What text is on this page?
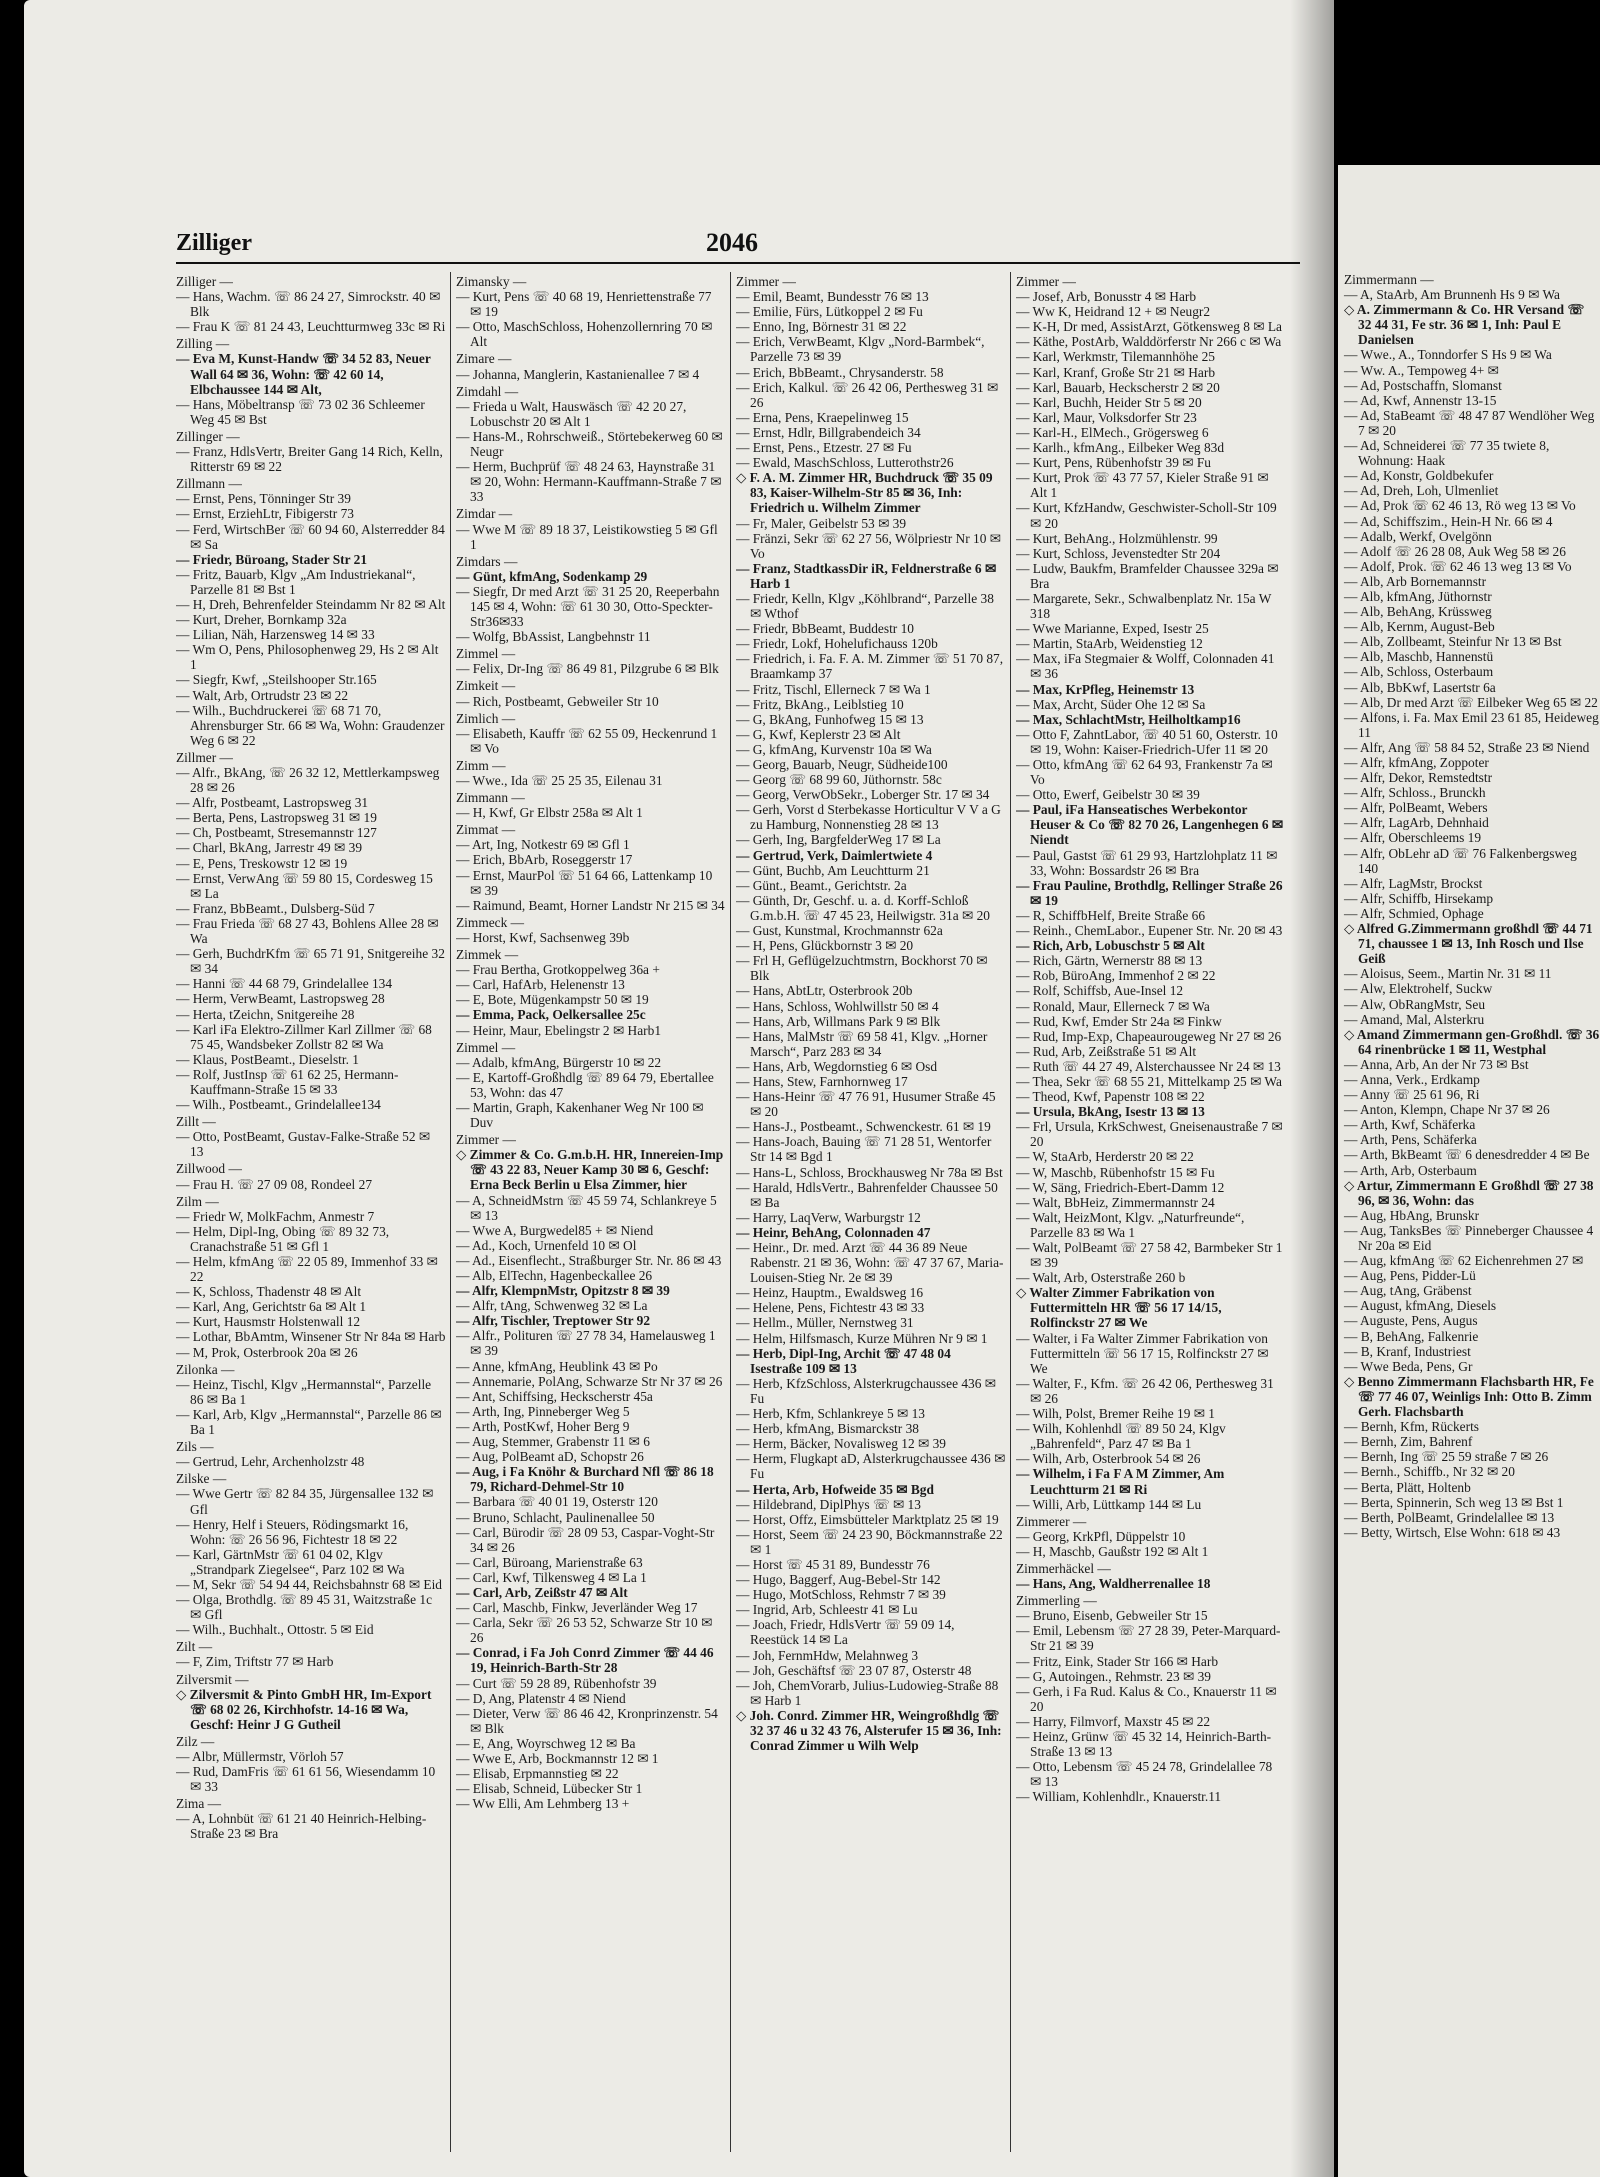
Zilliger	2046

Zilliger —

— Hans, Wachm. ☏ 86 24 27, Simrockstr. 40 ✉ Blk

— Frau K ☏ 81 24 43, Leuchtturmweg 33c ✉ Ri

Zilling —

— Eva M, Kunst-Handw ☏ 34 52 83, Neuer Wall 64 ✉ 36, Wohn: ☏ 42 60 14, Elbchaussee 144 ✉ Alt,

— Hans, Möbeltransp ☏ 73 02 36 Schleemer Weg 45 ✉ Bst

Zillinger —

— Franz, HdlsVertr, Breiter Gang 14 Rich, Kelln, Ritterstr 69 ✉ 22

Zillmann —

— Ernst, Pens, Tönninger Str 39

— Ernst, ErziehLtr, Fibigerstr 73

— Ferd, WirtschBer ☏ 60 94 60, Alsterredder 84 ✉ Sa

— Friedr, Büroang, Stader Str 21

— Fritz, Bauarb, Klgv „Am Industriekanal“, Parzelle 81 ✉ Bst 1

— H, Dreh, Behrenfelder Steindamm Nr 82 ✉ Alt

— Kurt, Dreher, Bornkamp 32a

— Lilian, Näh, Harzensweg 14 ✉ 33

— Wm O, Pens, Philosophenweg 29, Hs 2 ✉ Alt 1

— Siegfr, Kwf, „Steilshooper Str.165

— Walt, Arb, Ortrudstr 23 ✉ 22

— Wilh., Buchdruckerei ☏ 68 71 70, Ahrensburger Str. 66 ✉ Wa, Wohn: Graudenzer Weg 6 ✉ 22

Zillmer —

— Alfr., BkAng, ☏ 26 32 12, Mettlerkampsweg 28 ✉ 26

— Alfr, Postbeamt, Lastropsweg 31

— Berta, Pens, Lastropsweg 31 ✉ 19

— Ch, Postbeamt, Stresemannstr 127

— Charl, BkAng, Jarrestr 49 ✉ 39

— E, Pens, Treskowstr 12 ✉ 19

— Ernst, VerwAng ☏ 59 80 15, Cordesweg 15 ✉ La

— Franz, BbBeamt., Dulsberg-Süd 7

— Frau Frieda ☏ 68 27 43, Bohlens Allee 28 ✉ Wa

— Gerh, BuchdrKfm ☏ 65 71 91, Snitgereihe 32 ✉ 34

— Hanni ☏ 44 68 79, Grindelallee 134

— Herm, VerwBeamt, Lastropsweg 28

— Herta, tZeichn, Snitgereihe 28

— Karl iFa Elektro-Zillmer Karl Zillmer ☏ 68 75 45, Wandsbeker Zollstr 82 ✉ Wa

— Klaus, PostBeamt., Dieselstr. 1

— Rolf, JustInsp ☏ 61 62 25, Hermann-Kauffmann-Straße 15 ✉ 33

— Wilh., Postbeamt., Grindelallee134

Zillt —

— Otto, PostBeamt, Gustav-Falke-Straße 52 ✉ 13

Zillwood —

— Frau H. ☏ 27 09 08, Rondeel 27

Zilm —

— Friedr W, MolkFachm, Anmestr 7

— Helm, Dipl-Ing, Obing ☏ 89 32 73, Cranachstraße 51 ✉ Gfl 1

— Helm, kfmAng ☏ 22 05 89, Immenhof 33 ✉ 22

— K, Schloss, Thadenstr 48 ✉ Alt

— Karl, Ang, Gerichtstr 6a ✉ Alt 1

— Kurt, Hausmstr Holstenwall 12

— Lothar, BbAmtm, Winsener Str Nr 84a ✉ Harb

— M, Prok, Osterbrook 20a ✉ 26

Zilonka —

— Heinz, Tischl, Klgv „Hermannstal“, Parzelle 86 ✉ Ba 1

— Karl, Arb, Klgv „Hermannstal“, Parzelle 86 ✉ Ba 1

Zils —

— Gertrud, Lehr, Archenholzstr 48

Zilske —

— Wwe Gertr ☏ 82 84 35, Jürgensallee 132 ✉ Gfl

— Henry, Helf i Steuers, Rödingsmarkt 16, Wohn: ☏ 26 56 96, Fichtestr 18 ✉ 22

— Karl, GärtnMstr ☏ 61 04 02, Klgv „Strandpark Ziegelsee“, Parz 102 ✉ Wa

— M, Sekr ☏ 54 94 44, Reichsbahnstr 68 ✉ Eid

— Olga, Brothdlg. ☏ 89 45 31, Waitzstraße 1c ✉ Gfl

— Wilh., Buchhalt., Ottostr. 5 ✉ Eid

Zilt —

— F, Zim, Triftstr 77 ✉ Harb

Zilversmit —

◇ Zilversmit & Pinto GmbH HR, Im-Export ☏ 68 02 26, Kirchhofstr. 14-16 ✉ Wa, Geschf: Heinr J G Gutheil

Zilz —

— Albr, Müllermstr, Vörloh 57

— Rud, DamFris ☏ 61 61 56, Wiesendamm 10 ✉ 33

Zima —

— A, Lohnbüt ☏ 61 21 40 Heinrich-Helbing-Straße 23 ✉ Bra

Zimansky —

— Kurt, Pens ☏ 40 68 19, Henriettenstraße 77 ✉ 19

— Otto, MaschSchloss, Hohenzollernring 70 ✉ Alt

Zimare —

— Johanna, Manglerin, Kastanienallee 7 ✉ 4

Zimdahl —

— Frieda u Walt, Hauswäsch ☏ 42 20 27, Lobuschstr 20 ✉ Alt 1

— Hans-M., Rohrschweiß., Störtebekerweg 60 ✉ Neugr

— Herm, Buchprüf ☏ 48 24 63, Haynstraße 31 ✉ 20, Wohn: Hermann-Kauffmann-Straße 7 ✉ 33

Zimdar —

— Wwe M ☏ 89 18 37, Leistikowstieg 5 ✉ Gfl 1

Zimdars —

— Günt, kfmAng, Sodenkamp 29

— Siegfr, Dr med Arzt ☏ 31 25 20, Reeperbahn 145 ✉ 4, Wohn: ☏ 61 30 30, Otto-Speckter-Str36✉33

— Wolfg, BbAssist, Langbehnstr 11

Zimmel —

— Felix, Dr-Ing ☏ 86 49 81, Pilzgrube 6 ✉ Blk

Zimkeit —

— Rich, Postbeamt, Gebweiler Str 10

Zimlich —

— Elisabeth, Kauffr ☏ 62 55 09, Heckenrund 1 ✉ Vo

Zimm —

— Wwe., Ida ☏ 25 25 35, Eilenau 31

Zimmann —

— H, Kwf, Gr Elbstr 258a ✉ Alt 1

Zimmat —

— Art, Ing, Notkestr 69 ✉ Gfl 1

— Erich, BbArb, Roseggerstr 17

— Ernst, MaurPol ☏ 51 64 66, Lattenkamp 10 ✉ 39

— Raimund, Beamt, Horner Landstr Nr 215 ✉ 34

Zimmeck —

— Horst, Kwf, Sachsenweg 39b

Zimmek —

— Frau Bertha, Grotkoppelweg 36a +

— Carl, HafArb, Helenenstr 13

— E, Bote, Mügenkampstr 50 ✉ 19

— Emma, Pack, Oelkersallee 25c

— Heinr, Maur, Ebelingstr 2 ✉ Harb1

Zimmel —

— Adalb, kfmAng, Bürgerstr 10 ✉ 22

— E, Kartoff-Großhdlg ☏ 89 64 79, Ebertallee 53, Wohn: das 47

— Martin, Graph, Kakenhaner Weg Nr 100 ✉ Duv

Zimmer —

◇ Zimmer & Co. G.m.b.H. HR, Innereien-Imp ☏ 43 22 83, Neuer Kamp 30 ✉ 6, Geschf: Erna Beck Berlin u Elsa Zimmer, hier

— A, SchneidMstrn ☏ 45 59 74, Schlankreye 5 ✉ 13

— Wwe A, Burgwedel85 + ✉ Niend

— Ad., Koch, Urnenfeld 10 ✉ Ol

— Ad., Eisenflecht., Straßburger Str. Nr. 86 ✉ 43

— Alb, ElTechn, Hagenbeckallee 26

— Alfr, KlempnMstr, Opitzstr 8 ✉ 39

— Alfr, tAng, Schwenweg 32 ✉ La

— Alfr, Tischler, Treptower Str 92

— Alfr., Polituren ☏ 27 78 34, Hamelausweg 1 ✉ 39

— Anne, kfmAng, Heublink 43 ✉ Po

— Annemarie, PolAng, Schwarze Str Nr 37 ✉ 26

— Ant, Schiffsing, Heckscherstr 45a

— Arth, Ing, Pinneberger Weg 5

— Arth, PostKwf, Hoher Berg 9

— Aug, Stemmer, Grabenstr 11 ✉ 6

— Aug, PolBeamt aD, Schopstr 26

— Aug, i Fa Knöhr & Burchard Nfl ☏ 86 18 79, Richard-Dehmel-Str 10

— Barbara ☏ 40 01 19, Osterstr 120

— Bruno, Schlacht, Paulinenallee 50

— Carl, Bürodir ☏ 28 09 53, Caspar-Voght-Str 34 ✉ 26

— Carl, Büroang, Marienstraße 63

— Carl, Kwf, Tilkensweg 4 ✉ La 1

— Carl, Arb, Zeißstr 47 ✉ Alt

— Carl, Maschb, Finkw, Jeverländer Weg 17

— Carla, Sekr ☏ 26 53 52, Schwarze Str 10 ✉ 26

— Conrad, i Fa Joh Conrd Zimmer ☏ 44 46 19, Heinrich-Barth-Str 28

— Curt ☏ 59 28 89, Rübenhofstr 39

— D, Ang, Platenstr 4 ✉ Niend

— Dieter, Verw ☏ 86 46 42, Kronprinzenstr. 54 ✉ Blk

— E, Ang, Woyrschweg 12 ✉ Ba

— Wwe E, Arb, Bockmannstr 12 ✉ 1

— Elisab, Erpmannstieg ✉ 22

— Elisab, Schneid, Lübecker Str 1

— Ww Elli, Am Lehmberg 13 +

Zimmer —

— Emil, Beamt, Bundesstr 76 ✉ 13

— Emilie, Fürs, Lütkoppel 2 ✉ Fu

— Enno, Ing, Börnestr 31 ✉ 22

— Erich, VerwBeamt, Klgv „Nord-Barmbek“, Parzelle 73 ✉ 39

— Erich, BbBeamt., Chrysanderstr. 58

— Erich, Kalkul. ☏ 26 42 06, Perthesweg 31 ✉ 26

— Erna, Pens, Kraepelinweg 15

— Ernst, Hdlr, Billgrabendeich 34

— Ernst, Pens., Etzestr. 27 ✉ Fu

— Ewald, MaschSchloss, Lutterothstr26

◇ F. A. M. Zimmer HR, Buchdruck ☏ 35 09 83, Kaiser-Wilhelm-Str 85 ✉ 36, Inh: Friedrich u. Wilhelm Zimmer

— Fr, Maler, Geibelstr 53 ✉ 39

— Fränzi, Sekr ☏ 62 27 56, Wölpriestr Nr 10 ✉ Vo

— Franz, StadtkassDir iR, Feldnerstraße 6 ✉ Harb 1

— Friedr, Kelln, Klgv „Köhlbrand“, Parzelle 38 ✉ Wthof

— Friedr, BbBeamt, Buddestr 10

— Friedr, Lokf, Hohelufichauss 120b

— Friedrich, i. Fa. F. A. M. Zimmer ☏ 51 70 87, Braamkamp 37

— Fritz, Tischl, Ellerneck 7 ✉ Wa 1

— Fritz, BkAng., Leiblstieg 10

— G, BkAng, Funhofweg 15 ✉ 13

— G, Kwf, Keplerstr 23 ✉ Alt

— G, kfmAng, Kurvenstr 10a ✉ Wa

— Georg, Bauarb, Neugr, Südheide100

— Georg ☏ 68 99 60, Jüthornstr. 58c

— Georg, VerwObSekr., Loberger Str. 17 ✉ 34

— Gerh, Vorst d Sterbekasse Horticultur V V a G zu Hamburg, Nonnenstieg 28 ✉ 13

— Gerh, Ing, BargfelderWeg 17 ✉ La

— Gertrud, Verk, Daimlertwiete 4

— Günt, Buchb, Am Leuchtturm 21

— Günt., Beamt., Gerichtstr. 2a

— Günth, Dr, Geschf. u. a. d. Korff-Schloß G.m.b.H. ☏ 47 45 23, Heilwigstr. 31a ✉ 20

— Gust, Kunstmal, Krochmannstr 62a

— H, Pens, Glückbornstr 3 ✉ 20

— Frl H, Geflügelzuchtmstrn, Bockhorst 70 ✉ Blk

— Hans, AbtLtr, Osterbrook 20b

— Hans, Schloss, Wohlwillstr 50 ✉ 4

— Hans, Arb, Willmans Park 9 ✉ Blk

— Hans, MalMstr ☏ 69 58 41, Klgv. „Horner Marsch“, Parz 283 ✉ 34

— Hans, Arb, Wegdornstieg 6 ✉ Osd

— Hans, Stew, Farnhornweg 17

— Hans-Heinr ☏ 47 76 91, Husumer Straße 45 ✉ 20

— Hans-J., Postbeamt., Schwenckestr. 61 ✉ 19

— Hans-Joach, Bauing ☏ 71 28 51, Wentorfer Str 14 ✉ Bgd 1

— Hans-L, Schloss, Brockhausweg Nr 78a ✉ Bst

— Harald, HdlsVertr., Bahrenfelder Chaussee 50 ✉ Ba

— Harry, LaqVerw, Warburgstr 12

— Heinr, BehAng, Colonnaden 47

— Heinr., Dr. med. Arzt ☏ 44 36 89 Neue Rabenstr. 21 ✉ 36, Wohn: ☏ 47 37 67, Maria-Louisen-Stieg Nr. 2e ✉ 39

— Heinz, Hauptm., Ewaldsweg 16

— Helene, Pens, Fichtestr 43 ✉ 33

— Hellm., Müller, Nernstweg 31

— Helm, Hilfsmasch, Kurze Mühren Nr 9 ✉ 1

— Herb, Dipl-Ing, Archit ☏ 47 48 04 Isestraße 109 ✉ 13

— Herb, KfzSchloss, Alsterkrugchaussee 436 ✉ Fu

— Herb, Kfm, Schlankreye 5 ✉ 13

— Herb, kfmAng, Bismarckstr 38

— Herm, Bäcker, Novalisweg 12 ✉ 39

— Herm, Flugkapt aD, Alsterkrugchaussee 436 ✉ Fu

— Herta, Arb, Hofweide 35 ✉ Bgd

— Hildebrand, DiplPhys ☏ ✉ 13

— Horst, Offz, Eimsbütteler Marktplatz 25 ✉ 19

— Horst, Seem ☏ 24 23 90, Böckmannstraße 22 ✉ 1

— Horst ☏ 45 31 89, Bundesstr 76

— Hugo, Baggerf, Aug-Bebel-Str 142

— Hugo, MotSchloss, Rehmstr 7 ✉ 39

— Ingrid, Arb, Schleestr 41 ✉ Lu

— Joach, Friedr, HdlsVertr ☏ 59 09 14, Reestück 14 ✉ La

— Joh, FernmHdw, Melahnweg 3

— Joh, Geschäftsf ☏ 23 07 87, Osterstr 48

— Joh, ChemVorarb, Julius-Ludowieg-Straße 88 ✉ Harb 1

◇ Joh. Conrd. Zimmer HR, Weingroßhdlg ☏ 32 37 46 u 32 43 76, Alsterufer 15 ✉ 36, Inh: Conrad Zimmer u Wilh Welp

Zimmer —

— Josef, Arb, Bonusstr 4 ✉ Harb

— Ww K, Heidrand 12 + ✉ Neugr2

— K-H, Dr med, AssistArzt, Götkensweg 8 ✉ La

— Käthe, PostArb, Walddörferstr Nr 266 c ✉ Wa

— Karl, Werkmstr, Tilemannhöhe 25

— Karl, Kranf, Große Str 21 ✉ Harb

— Karl, Bauarb, Heckscherstr 2 ✉ 20

— Karl, Buchh, Heider Str 5 ✉ 20

— Karl, Maur, Volksdorfer Str 23

— Karl-H., ElMech., Grögersweg 6

— Karlh., kfmAng., Eilbeker Weg 83d

— Kurt, Pens, Rübenhofstr 39 ✉ Fu

— Kurt, Prok ☏ 43 77 57, Kieler Straße 91 ✉ Alt 1

— Kurt, KfzHandw, Geschwister-Scholl-Str 109 ✉ 20

— Kurt, BehAng., Holzmühlenstr. 99

— Kurt, Schloss, Jevenstedter Str 204

— Ludw, Baukfm, Bramfelder Chaussee 329a ✉ Bra

— Margarete, Sekr., Schwalbenplatz Nr. 15a W 318

— Wwe Marianne, Exped, Isestr 25

— Martin, StaArb, Weidenstieg 12

— Max, iFa Stegmaier & Wolff, Colonnaden 41 ✉ 36

— Max, KrPfleg, Heinemstr 13

— Max, Archt, Süder Ohe 12 ✉ Sa

— Max, SchlachtMstr, Heilholtkamp16

— Otto F, ZahntLabor, ☏ 40 51 60, Osterstr. 10 ✉ 19, Wohn: Kaiser-Friedrich-Ufer 11 ✉ 20

— Otto, kfmAng ☏ 62 64 93, Frankenstr 7a ✉ Vo

— Otto, Ewerf, Geibelstr 30 ✉ 39

— Paul, iFa Hanseatisches Werbekontor Heuser & Co ☏ 82 70 26, Langenhegen 6 ✉ Niendt

— Paul, Gastst ☏ 61 29 93, Hartzlohplatz 11 ✉ 33, Wohn: Bossardstr 26 ✉ Bra

— Frau Pauline, Brothdlg, Rellinger Straße 26 ✉ 19

— R, SchiffbHelf, Breite Straße 66

— Reinh., ChemLabor., Eupener Str. Nr. 20 ✉ 43

— Rich, Arb, Lobuschstr 5 ✉ Alt

— Rich, Gärtn, Wernerstr 88 ✉ 13

— Rob, BüroAng, Immenhof 2 ✉ 22

— Rolf, Schiffsb, Aue-Insel 12

— Ronald, Maur, Ellerneck 7 ✉ Wa

— Rud, Kwf, Emder Str 24a ✉ Finkw

— Rud, Imp-Exp, Chapeaurougeweg Nr 27 ✉ 26

— Rud, Arb, Zeißstraße 51 ✉ Alt

— Ruth ☏ 44 27 49, Alsterchaussee Nr 24 ✉ 13

— Thea, Sekr ☏ 68 55 21, Mittelkamp 25 ✉ Wa

— Theod, Kwf, Papenstr 108 ✉ 22

— Ursula, BkAng, Isestr 13 ✉ 13

— Frl, Ursula, KrkSchwest, Gneisenaustraße 7 ✉ 20

— W, StaArb, Herderstr 20 ✉ 22

— W, Maschb, Rübenhofstr 15 ✉ Fu

— W, Säng, Friedrich-Ebert-Damm 12

— Walt, BbHeiz, Zimmermannstr 24

— Walt, HeizMont, Klgv. „Naturfreunde“, Parzelle 83 ✉ Wa 1

— Walt, PolBeamt ☏ 27 58 42, Barmbeker Str 1 ✉ 39

— Walt, Arb, Osterstraße 260 b

◇ Walter Zimmer Fabrikation von Futtermitteln HR ☏ 56 17 14/15, Rolfinckstr 27 ✉ We

— Walter, i Fa Walter Zimmer Fabrikation von Futtermitteln ☏ 56 17 15, Rolfinckstr 27 ✉ We

— Walter, F., Kfm. ☏ 26 42 06, Perthesweg 31 ✉ 26

— Wilh, Polst, Bremer Reihe 19 ✉ 1

— Wilh, Kohlenhdl ☏ 89 50 24, Klgv „Bahrenfeld“, Parz 47 ✉ Ba 1

— Wilh, Arb, Osterbrook 54 ✉ 26

— Wilhelm, i Fa F A M Zimmer, Am Leuchtturm 21 ✉ Ri

— Willi, Arb, Lüttkamp 144 ✉ Lu

Zimmerer —

— Georg, KrkPfl, Düppelstr 10

— H, Maschb, Gaußstr 192 ✉ Alt 1

Zimmerhäckel —

— Hans, Ang, Waldherrenallee 18

Zimmerling —

— Bruno, Eisenb, Gebweiler Str 15

— Emil, Lebensm ☏ 27 28 39, Peter-Marquard-Str 21 ✉ 39

— Fritz, Eink, Stader Str 166 ✉ Harb

— G, Autoingen., Rehmstr. 23 ✉ 39

— Gerh, i Fa Rud. Kalus & Co., Knauerstr 11 ✉ 20

— Harry, Filmvorf, Maxstr 45 ✉ 22

— Heinz, Grünw ☏ 45 32 14, Heinrich-Barth-Straße 13 ✉ 13

— Otto, Lebensm ☏ 45 24 78, Grindelallee 78 ✉ 13

— William, Kohlenhdlr., Knauerstr.11

Zimmermann —

— A, StaArb, Am Brunnenh Hs 9 ✉ Wa

◇ A. Zimmermann & Co. HR Versand ☏ 32 44 31, Fe str. 36 ✉ 1, Inh: Paul E Danielsen

— Wwe., A., Tonndorfer S Hs 9 ✉ Wa

— Ww. A., Tempoweg 4+ ✉

— Ad, Postschaffn, Slomanst

— Ad, Kwf, Annenstr 13-15

— Ad, StaBeamt ☏ 48 47 87 Wendlöher Weg 7 ✉ 20

— Ad, Schneiderei ☏ 77 35 twiete 8, Wohnung: Haak

— Ad, Konstr, Goldbekufer

— Ad, Dreh, Loh, Ulmenliet

— Ad, Prok ☏ 62 46 13, Rö weg 13 ✉ Vo

— Ad, Schiffszim., Hein-H Nr. 66 ✉ 4

— Adalb, Werkf, Ovelgönn

— Adolf ☏ 26 28 08, Auk Weg 58 ✉ 26

— Adolf, Prok. ☏ 62 46 13 weg 13 ✉ Vo

— Alb, Arb Bornemannstr

— Alb, kfmAng, Jüthornstr

— Alb, BehAng, Krüssweg

— Alb, Kernm, August-Beb

— Alb, Zollbeamt, Steinfur Nr 13 ✉ Bst

— Alb, Maschb, Hannenstü

— Alb, Schloss, Osterbaum

— Alb, BbKwf, Lasertstr 6a

— Alb, Dr med Arzt ☏ Eilbeker Weg 65 ✉ 22

— Alfons, i. Fa. Max Emil 23 61 85, Heideweg 11

— Alfr, Ang ☏ 58 84 52, Straße 23 ✉ Niend

— Alfr, kfmAng, Zoppoter

— Alfr, Dekor, Remstedtstr

— Alfr, Schloss., Brunckh

— Alfr, PolBeamt, Webers

— Alfr, LagArb, Dehnhaid

— Alfr, Oberschleems 19

— Alfr, ObLehr aD ☏ 76 Falkenbergsweg 140

— Alfr, LagMstr, Brockst

— Alfr, Schiffb, Hirsekamp

— Alfr, Schmied, Ophage

◇ Alfred G.Zimmermann großhdl ☏ 44 71 71, chaussee 1 ✉ 13, Inh Rosch und Ilse Geiß

— Aloisus, Seem., Martin Nr. 31 ✉ 11

— Alw, Elektrohelf, Suckw

— Alw, ObRangMstr, Seu

— Amand, Mal, Alsterkru

◇ Amand Zimmermann gen-Großhdl. ☏ 36 64 rinenbrücke 1 ✉ 11, Westphal

— Anna, Arb, An der Nr 73 ✉ Bst

— Anna, Verk., Erdkamp

— Anny ☏ 25 61 96, Ri

— Anton, Klempn, Chape Nr 37 ✉ 26

— Arth, Kwf, Schäferka

— Arth, Pens, Schäferka

— Arth, BkBeamt ☏ 6 denesdredder 4 ✉ Be

— Arth, Arb, Osterbaum

◇ Artur, Zimmermann E Großhdl ☏ 27 38 96, ✉ 36, Wohn: das

— Aug, HbAng, Brunskr

— Aug, TanksBes ☏ Pinneberger Chaussee 4 Nr 20a ✉ Eid

— Aug, kfmAng ☏ 62 Eichenrehmen 27 ✉

— Aug, Pens, Pidder-Lü

— Aug, tAng, Gräbenst

— August, kfmAng, Diesels

— Auguste, Pens, Augus

— B, BehAng, Falkenrie

— B, Kranf, Industriest

— Wwe Beda, Pens, Gr

◇ Benno Zimmermann Flachsbarth HR, Fe ☏ 77 46 07, Weinligs Inh: Otto B. Zimm Gerh. Flachsbarth

— Bernh, Kfm, Rückerts

— Bernh, Zim, Bahrenf

— Bernh, Ing ☏ 25 59 straße 7 ✉ 26

— Bernh., Schiffb., Nr 32 ✉ 20

— Berta, Plätt, Holtenb

— Berta, Spinnerin, Sch weg 13 ✉ Bst 1

— Berth, PolBeamt, Grindelallee ✉ 13

— Betty, Wirtsch, Else Wohn: 618 ✉ 43
